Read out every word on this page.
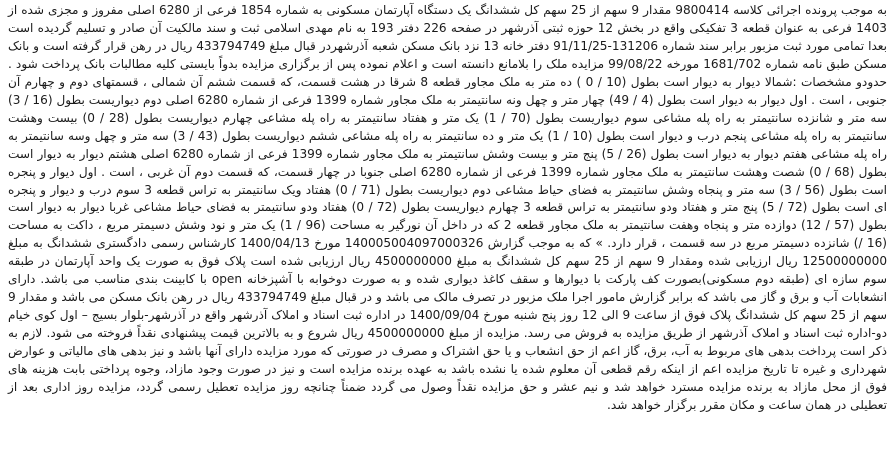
به موجب پرونده اجرائی کلاسه 9800414 مقدار 9 سهم از 25 سهم کل ششدانگ یک دستگاه آپارتمان مسکونی به شماره 1854 فرعی از 6280 اصلی مفروز و مجزی شده از 1403 فرعی به عنوان قطعه 3 تفکیکی واقع در بخش 12 حوزه ثبتی آذرشهر در صفحه 226 دفتر 193 به نام مهدی اسلامی ثبت و سند مالکیت آن صادر و تسلیم گردیده است بعدا تمامی مورد ثبت مزبور برابر سند شماره 131206-91/11/25 دفتر خانه 13 نزد بانک مسکن شعبه آذرشهردر قبال مبلغ 433794749 ریال در رهن قرار گرفته است و بانک مسکن طبق نامه شماره 1681/702 مورخه 99/08/22 مزایده ملک را بلامانع دانسته است و اعلام نموده پس از برگزاری مزایده بدواً بایستی کلیه مطالبات بانک پرداخت شود . حدودو مشخصات :شمالا دیوار به دیوار است بطول (10 / 0 ) ده متر به ملک مجاور قطعه 8 شرقا در هشت قسمت، که قسمت ششم آن شمالی ، قسمتهای دوم و چهارم آن جنوبی ، است . اول دیوار به دیوار است بطول (4 / 49) چهار متر و چهل ونه سانتیمتر به ملک مجاور شماره 1399 فرعی از شماره 6280 اصلی دوم دیواریست بطول (16 / 3) سه متر و شانزده سانتیمتر به راه پله مشاعی سوم دیواریست بطول (70 / 1) یک متر و هفتاد سانتیمتر به راه پله مشاعی چهارم دیواریست بطول (28 / 0) بیست وهشت سانتیمتر به راه پله مشاعی پنجم درب و دیوار است بطول (10 / 1) یک متر و ده سانتیمتر به راه پله مشاعی ششم دیواریست بطول (43 / 3) سه متر و چهل وسه سانتیمتر به راه پله مشاعی هفتم دیوار به دیوار است بطول (26 / 5) پنج متر و بیست وشش سانتیمتر به ملک مجاور شماره 1399 فرعی از شماره 6280 اصلی هشتم دیوار به دیوار است بطول (68 / 0) شصت وهشت سانتیمتر به ملک مجاور شماره 1399 فرعی از شماره 6280 اصلی جنوبا در چهار قسمت، که قسمت دوم آن غربی ، است . اول دیوار و پنجره است بطول (56 / 3) سه متر و پنجاه وشش سانتیمتر به فضای حیاط مشاعی دوم دیواریست بطول (71 / 0) هفتاد ویک سانتیمتر به تراس قطعه 3 سوم درب و دیوار و پنجره ای است بطول (72 / 5) پنج متر و هفتاد ودو سانتیمتر به تراس قطعه 3 چهارم دیواریست بطول (72 / 0) هفتاد ودو سانتیمتر به فضای حیاط مشاعی غربا دیوار به دیوار است بطول (57 / 12) دوازده متر و پنجاه وهفت سانتیمتر به ملک مجاور قطعه 2 که در داخل آن نورگیر به مساحت (96 / 1) یک متر و نود وشش دسیمتر مربع ، داکت به مساحت (16 /) شانزده دسیمتر مربع در سه قسمت ، قرار دارد. » که به موجب گزارش 140005004097000326 مورخ 1400/04/13 کارشناس رسمی دادگستری ششدانگ به مبلغ 12500000000 ریال ارزیابی شده ومقدار 9 سهم از 25 سهم کل ششدانگ به مبلغ 4500000000 ریال ارزیابی شده است پلاک فوق به صورت یک واحد آپارتمان در طبقه سوم سازه ای (طبقه دوم مسکونی)بصورت کف پارکت با دیوارها و سقف کاغذ دیواری شده و به صورت دوخوابه با آشپزخانه open با کابینت بندی مناسب می باشد. دارای انشعابات آب و برق و گاز می باشد که برابر گزارش مامور اجرا ملک مزبور در تصرف مالک می باشد و در قبال مبلغ 433794749 ریال در رهن بانک مسکن می باشد و مقدار 9 سهم از 25 سهم کل ششدانگ پلاک فوق از ساعت 9 الی 12 روز پنج شنبه مورخ 1400/09/04 در اداره ثبت اسناد و املاک آذرشهر واقع در آذرشهر-بلوار بسیج – اول کوی خیام دو-اداره ثبت اسناد و املاک آذرشهر از طریق مزایده به فروش می رسد. مزایده از مبلغ 4500000000 ریال شروع و به بالاترین قیمت پیشنهادی نقداً فروخته می شود. لازم به ذکر است پرداخت بدهی های مربوط به آب، برق، گاز اعم از حق انشعاب و یا حق اشتراک و مصرف در صورتی که مورد مزایده دارای آنها باشد و نیز بدهی های مالیاتی و عوارض شهرداری و غیره تا تاریخ مزایده اعم از اینکه رقم قطعی آن معلوم شده یا نشده باشد به عهده برنده مزایده است و نیز در صورت وجود مازاد، وجوه پرداختی بابت هزینه های فوق از محل مازاد به برنده مزایده مسترد خواهد شد و نیم عشر و حق مزایده نقداً وصول می گردد ضمناً چنانچه روز مزایده تعطیل رسمی گردد، مزایده روز اداری بعد از تعطیلی در همان ساعت و مکان مقرر برگزار خواهد شد.
